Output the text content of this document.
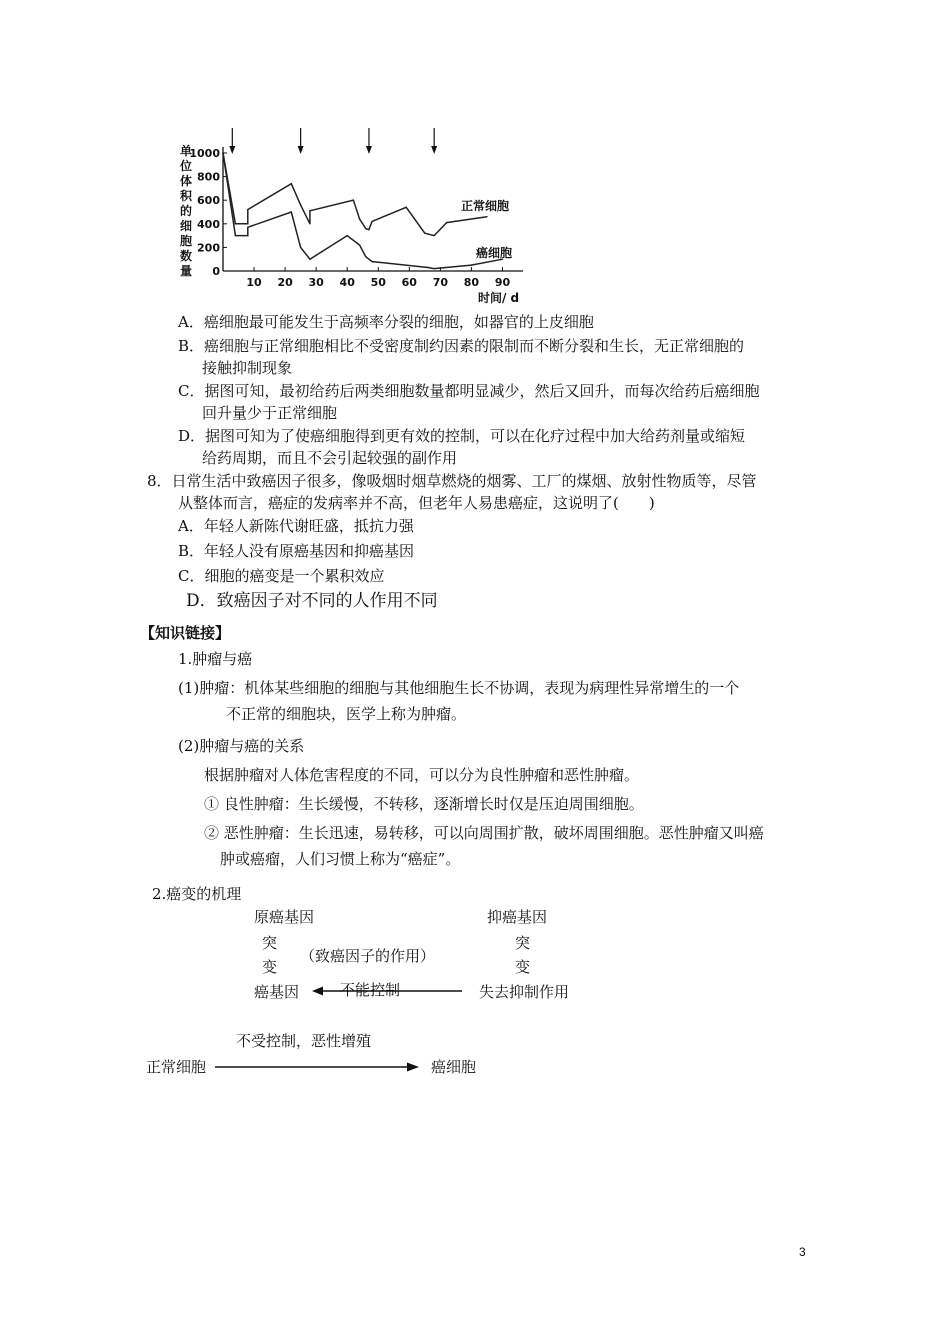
单
位
体
积
的
细
胞
数
量 0
200
400
600
800
1000
10 20 30 40 50 60 70 80 90
时间/ d
正常细胞
癌细胞
A．癌细胞最可能发生于高频率分裂的细胞，如器官的上皮细胞
B．癌细胞与正常细胞相比不受密度制约因素的限制而不断分裂和生长，无正常细胞的
接触抑制现象
C．据图可知，最初给药后两类细胞数量都明显减少，然后又回升，而每次给药后癌细胞
回升量少于正常细胞
D．据图可知为了使癌细胞得到更有效的控制，可以在化疗过程中加大给药剂量或缩短
给药周期，而且不会引起较强的副作用
8．日常生活中致癌因子很多，像吸烟时烟草燃烧的烟雾、工厂的煤烟、放射性物质等，尽管
从整体而言，癌症的发病率并不高，但老年人易患癌症，这说明了(　　)
A．年轻人新陈代谢旺盛，抵抗力强
B．年轻人没有原癌基因和抑癌基因
C．细胞的癌变是一个累积效应
D．致癌因子对不同的人作用不同
【知识链接】
1.肿瘤与癌
(1)肿瘤：机体某些细胞的细胞与其他细胞生长不协调，表现为病理性异常增生的一个
不正常的细胞块，医学上称为肿瘤。
(2)肿瘤与癌的关系
根据肿瘤对人体危害程度的不同，可以分为良性肿瘤和恶性肿瘤。
① 良性肿瘤：生长缓慢，不转移，逐渐增长时仅是压迫周围细胞。
② 恶性肿瘤：生长迅速，易转移，可以向周围扩散，破坏周围细胞。恶性肿瘤又叫癌
肿或癌瘤，人们习惯上称为“癌症”。
2.癌变的机理
原癌基因	抑癌基因
突	突
（致癌因子的作用）
变	变
癌基因	不能控制	失去抑制作用
不受控制，恶性增殖
正常细胞	癌细胞
3
